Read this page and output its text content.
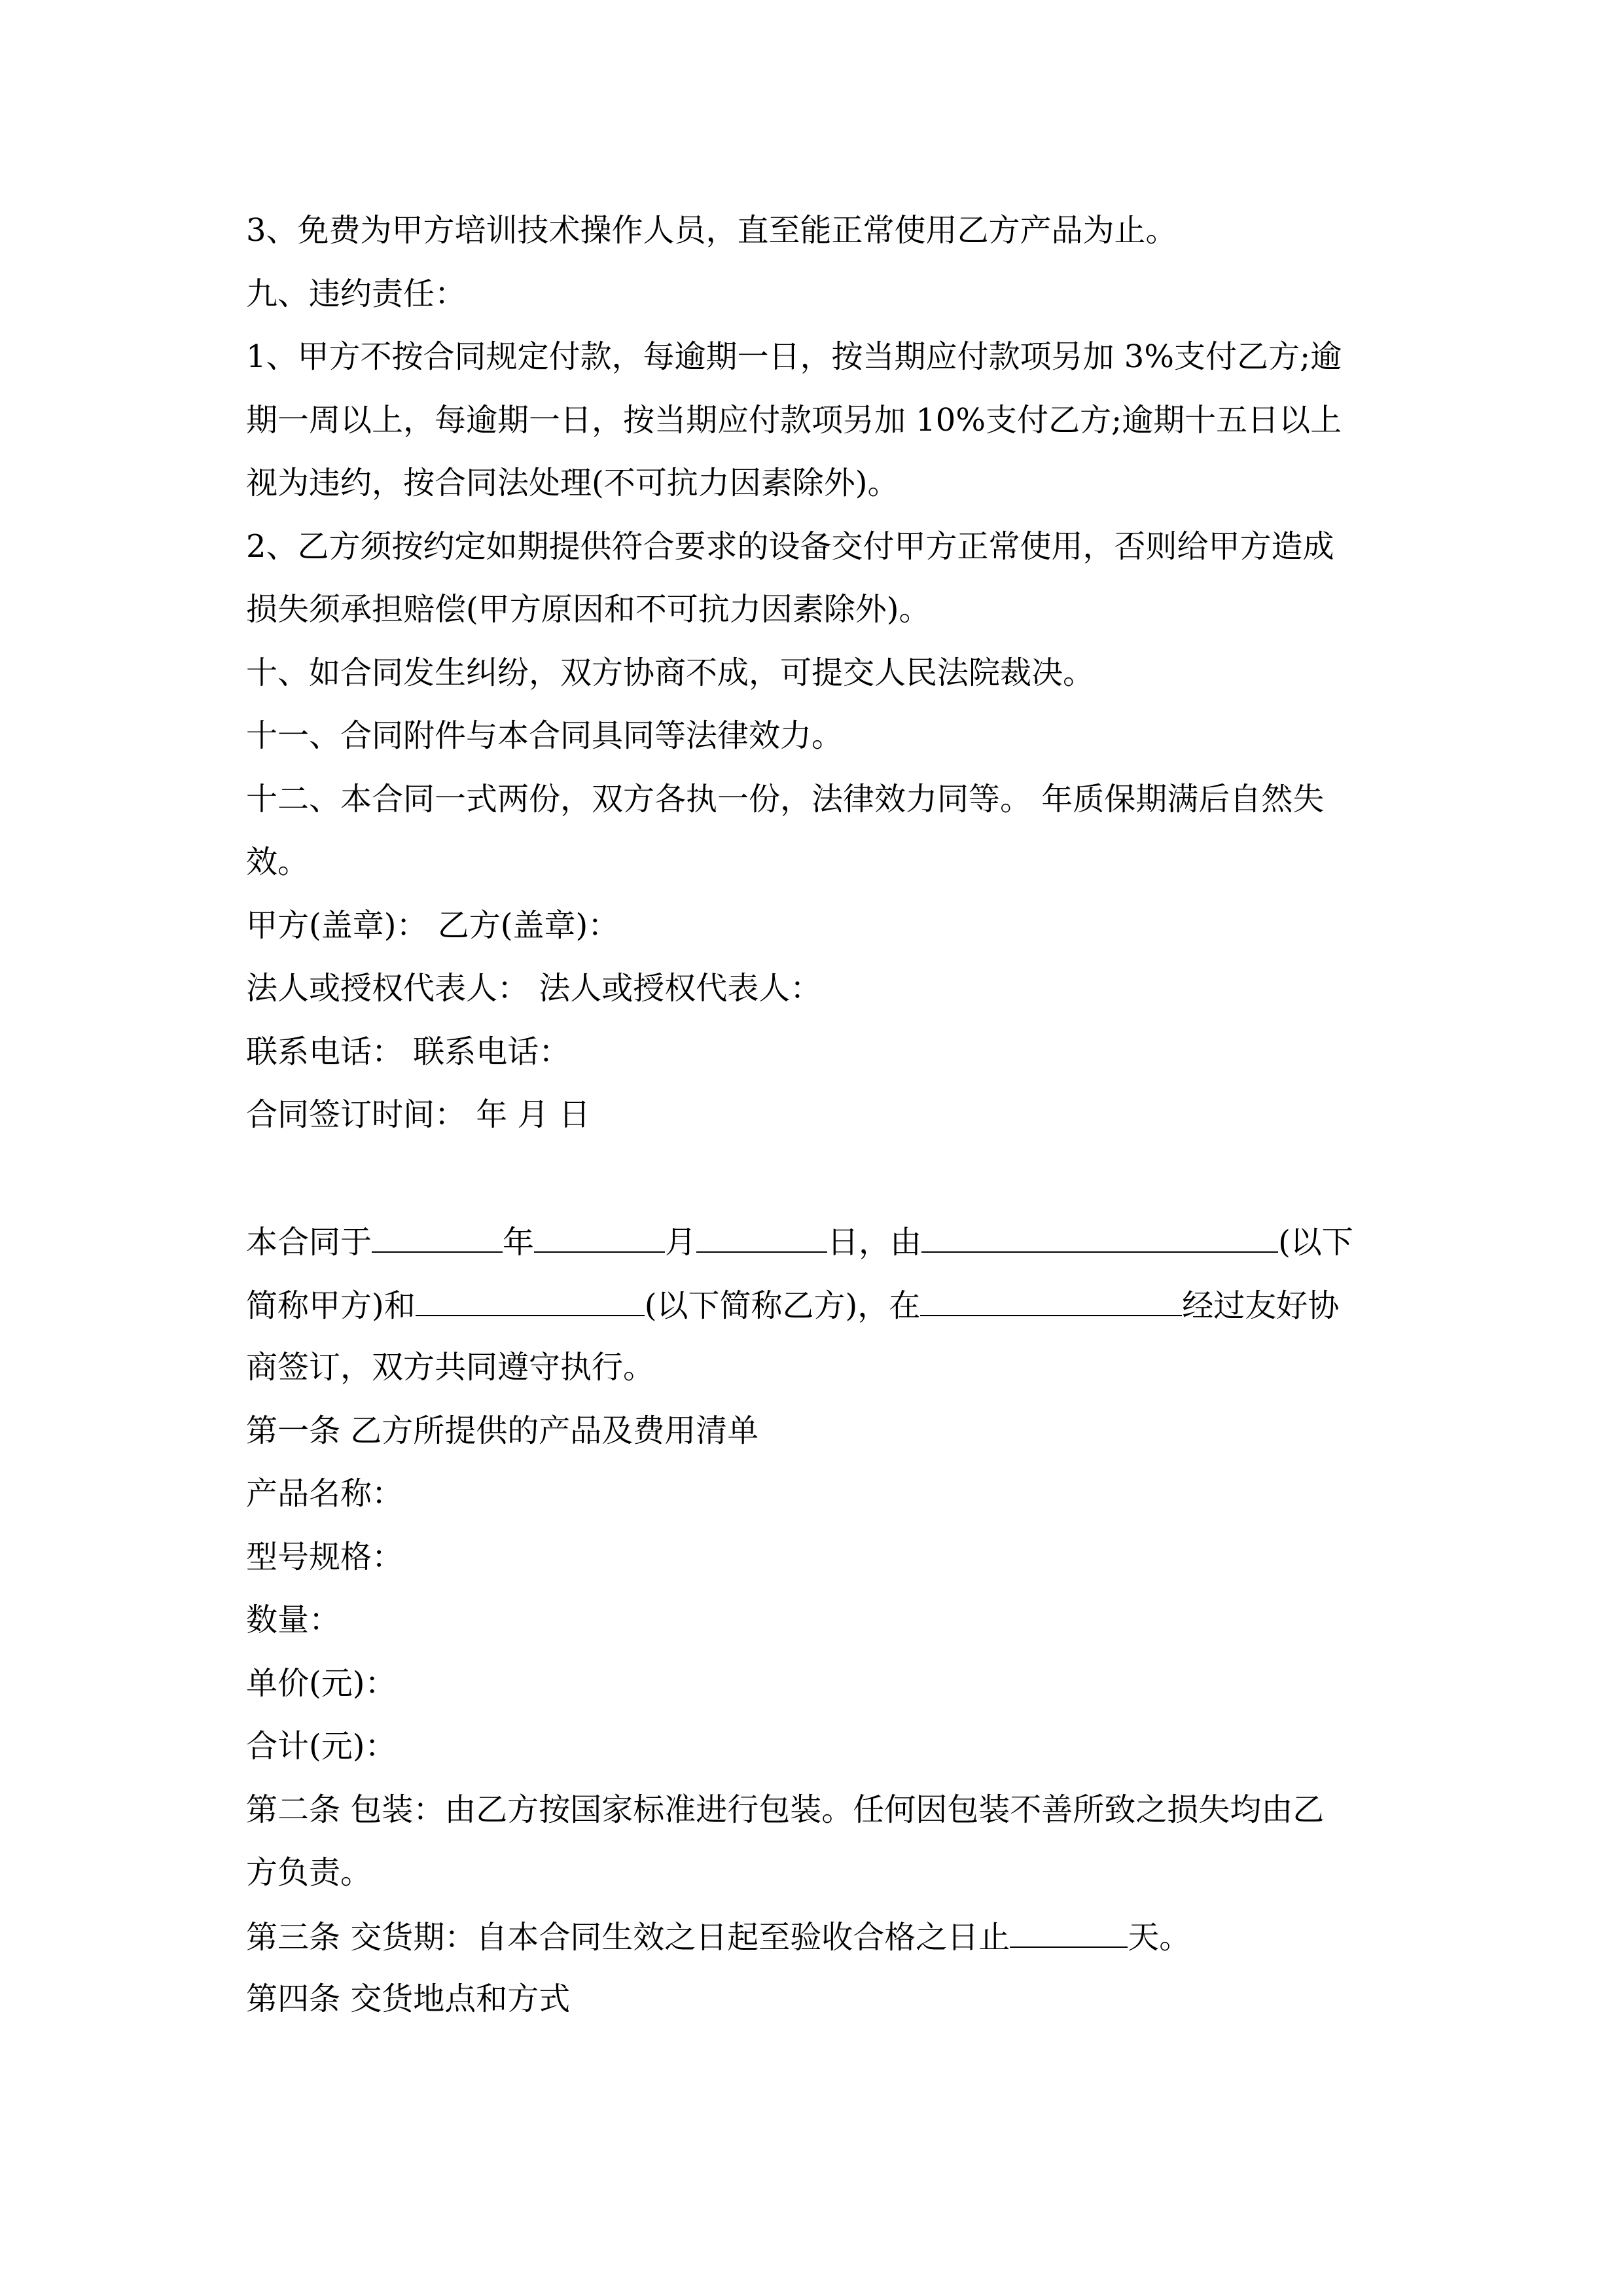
3、免费为甲方培训技术操作人员，直至能正常使用乙方产品为止。
九、违约责任：
1、甲方不按合同规定付款，每逾期一日，按当期应付款项另加 3%支付乙方;逾
期一周以上，每逾期一日，按当期应付款项另加 10%支付乙方;逾期十五日以上
视为违约，按合同法处理(不可抗力因素除外)。
2、乙方须按约定如期提供符合要求的设备交付甲方正常使用，否则给甲方造成
损失须承担赔偿(甲方原因和不可抗力因素除外)。
十、如合同发生纠纷，双方协商不成，可提交人民法院裁决。
十一、合同附件与本合同具同等法律效力。
十二、本合同一式两份，双方各执一份，法律效力同等。 年质保期满后自然失
效。
甲方(盖章)： 乙方(盖章)：
法人或授权代表人： 法人或授权代表人：
联系电话： 联系电话：
合同签订时间： 年 月 日
本合同于	年	月	日，由	(以下
简称甲方)和	(以下简称乙方)，在	经过友好协
商签订，双方共同遵守执行。
第一条 乙方所提供的产品及费用清单
产品名称：
型号规格：
数量：
单价(元)：
合计(元)：
第二条 包装：由乙方按国家标准进行包装。任何因包装不善所致之损失均由乙
方负责。
第三条 交货期：自本合同生效之日起至验收合格之日止	天。
第四条 交货地点和方式
